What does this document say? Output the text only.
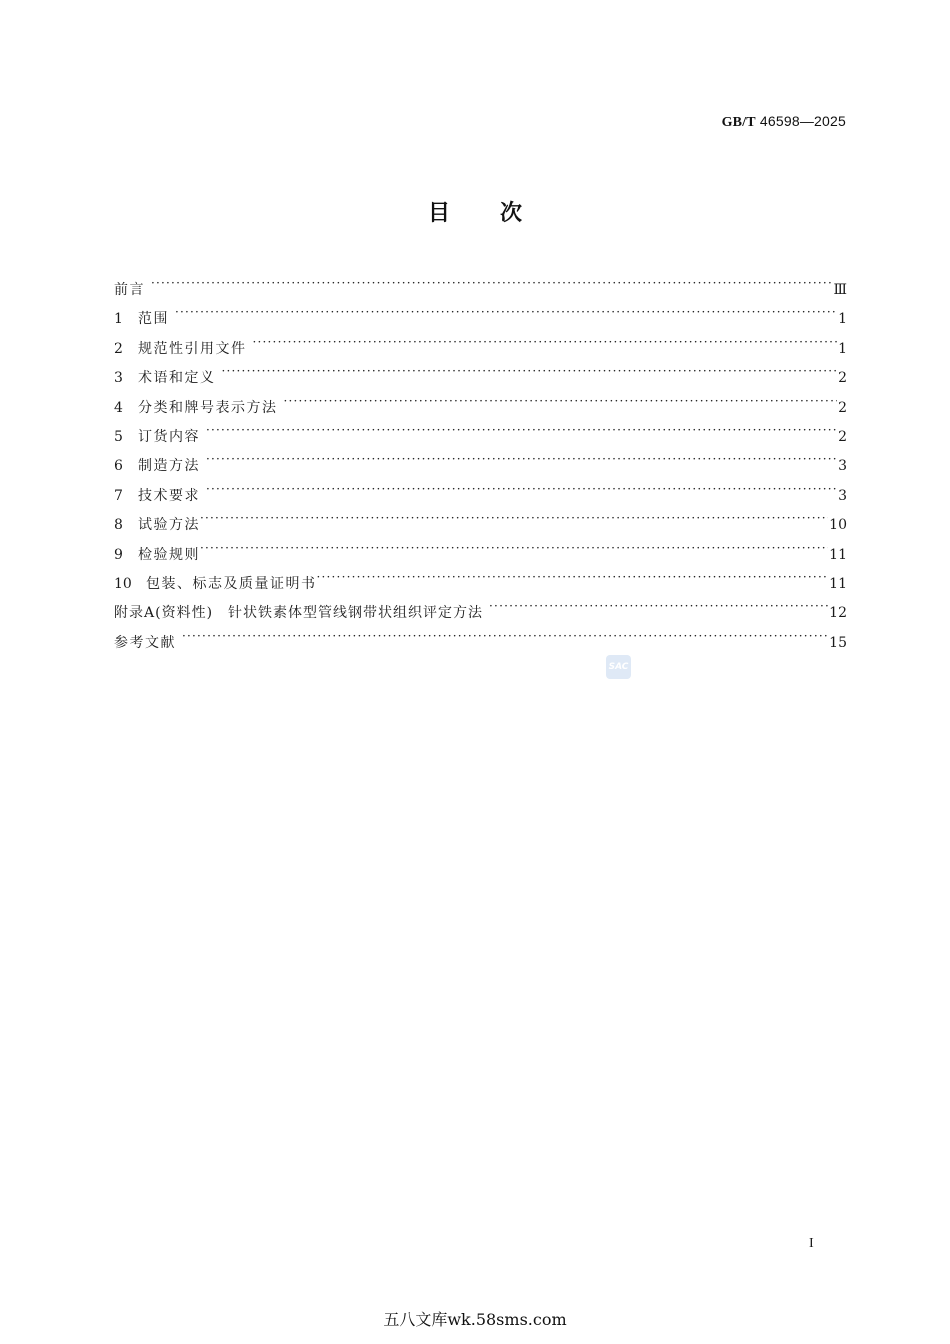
GB/T 46598—2025
目次
前言 ·····	Ⅲ
1	范围 ·····	1
2	规范性引用文件 ·····	1
3	术语和定义 ·····	2
4	分类和牌号表示方法 ·····	2
5	订货内容 ·····	2
6	制造方法 ·····	3
7	技术要求 ·····	3
8	试验方法 ·····	10
9	检验规则 ·····	11
10	包装、标志及质量证明书 ·····	11
附录A(资料性)　针状铁素体型管线钢带状组织评定方法 ·····	12
参考文献 ·····	15
SAC
I
五八文库wk.58sms.com
